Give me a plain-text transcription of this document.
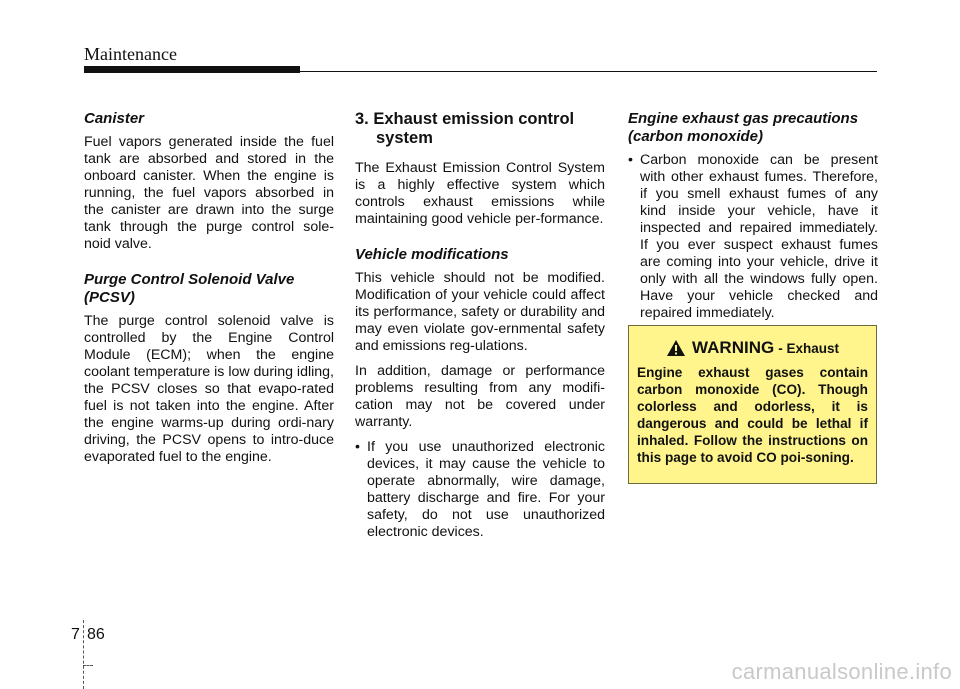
Maintenance
Canister

Fuel vapors generated inside the fuel tank are absorbed and stored in the onboard canister. When the engine is running, the fuel vapors absorbed in the canister are drawn into the surge tank through the purge control sole-noid valve.

Purge Control Solenoid Valve (PCSV)

The purge control solenoid valve is controlled by the Engine Control Module (ECM); when the engine coolant temperature is low during idling, the PCSV closes so that evapo-rated fuel is not taken into the engine. After the engine warms-up during ordi-nary driving, the PCSV opens to intro-duce evaporated fuel to the engine.

3. Exhaust emission control system

The Exhaust Emission Control System is a highly effective system which controls exhaust emissions while maintaining good vehicle per-formance.

Vehicle modifications

This vehicle should not be modified. Modification of your vehicle could affect its performance, safety or durability and may even violate gov-ernmental safety and emissions reg-ulations.

In addition, damage or performance problems resulting from any modifi-cation may not be covered under warranty.

• If you use unauthorized electronic devices, it may cause the vehicle to operate abnormally, wire damage, battery discharge and fire. For your safety, do not use unauthorized electronic devices.

Engine exhaust gas precautions (carbon monoxide)
• Carbon monoxide can be present with other exhaust fumes. Therefore, if you smell exhaust fumes of any kind inside your vehicle, have it inspected and repaired immediately. If you ever suspect exhaust fumes are coming into your vehicle, drive it only with all the windows fully open. Have your vehicle checked and repaired immediately.

WARNING - Exhaust
Engine exhaust gases contain carbon monoxide (CO). Though colorless and odorless, it is dangerous and could be lethal if inhaled. Follow the instructions on this page to avoid CO poi-soning.
7 86
carmanualsonline.info
